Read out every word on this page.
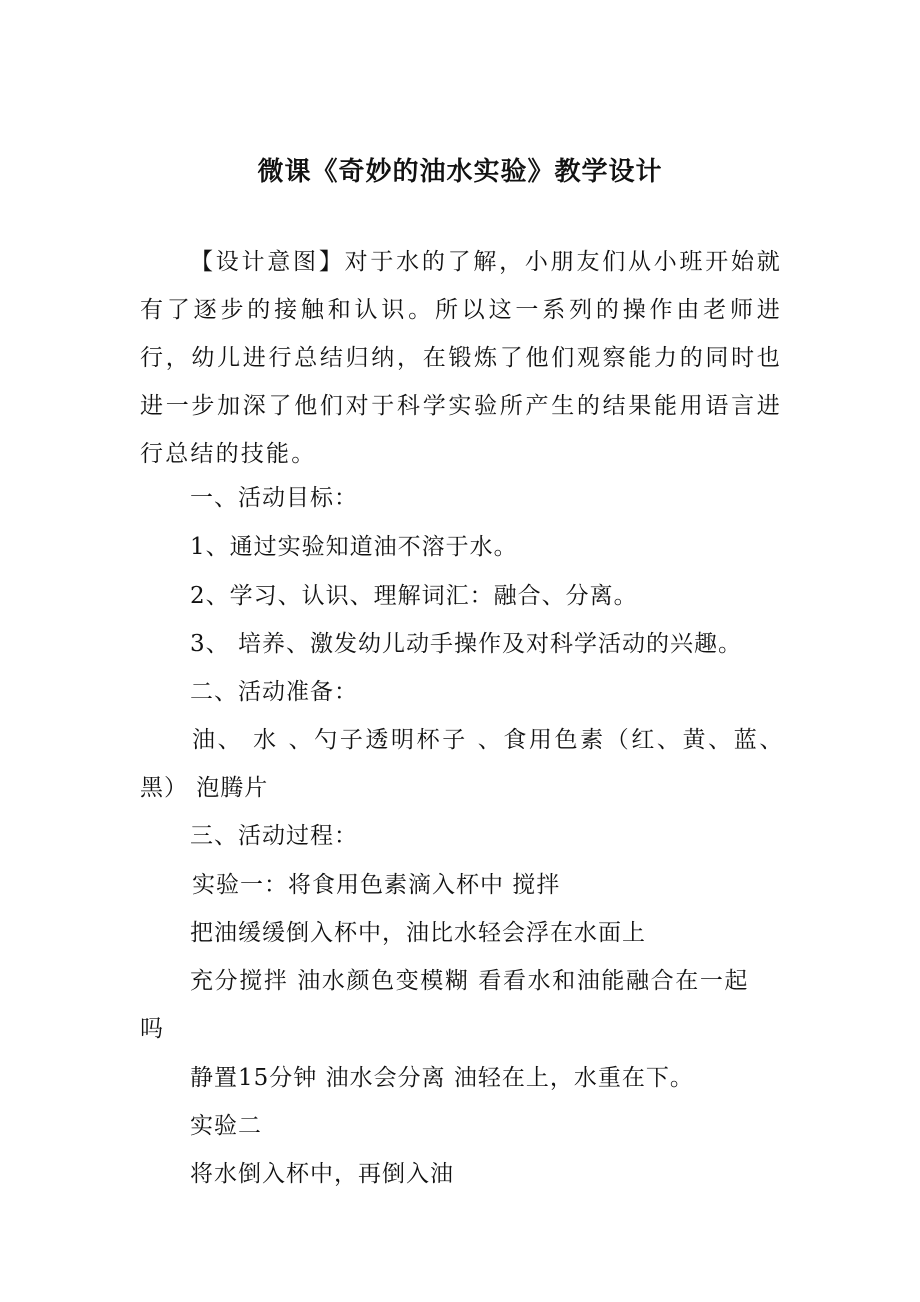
微课《奇妙的油水实验》教学设计
【设计意图】对于水的了解，小朋友们从小班开始就有了逐步的接触和认识。所以这一系列的操作由老师进行，幼儿进行总结归纳，在锻炼了他们观察能力的同时也进一步加深了他们对于科学实验所产生的结果能用语言进行总结的技能。
一、活动目标：
1、通过实验知道油不溶于水。
2、学习、认识、理解词汇：融合、分离。
3、 培养、激发幼儿动手操作及对科学活动的兴趣。
二、活动准备：
油、 水 、勺子透明杯子 、食用色素（红、黄、蓝、
黑） 泡腾片
三、活动过程：
实验一：将食用色素滴入杯中 搅拌
把油缓缓倒入杯中，油比水轻会浮在水面上
充分搅拌 油水颜色变模糊 看看水和油能融合在一起
吗
静置15分钟 油水会分离 油轻在上，水重在下。
实验二
将水倒入杯中，再倒入油
